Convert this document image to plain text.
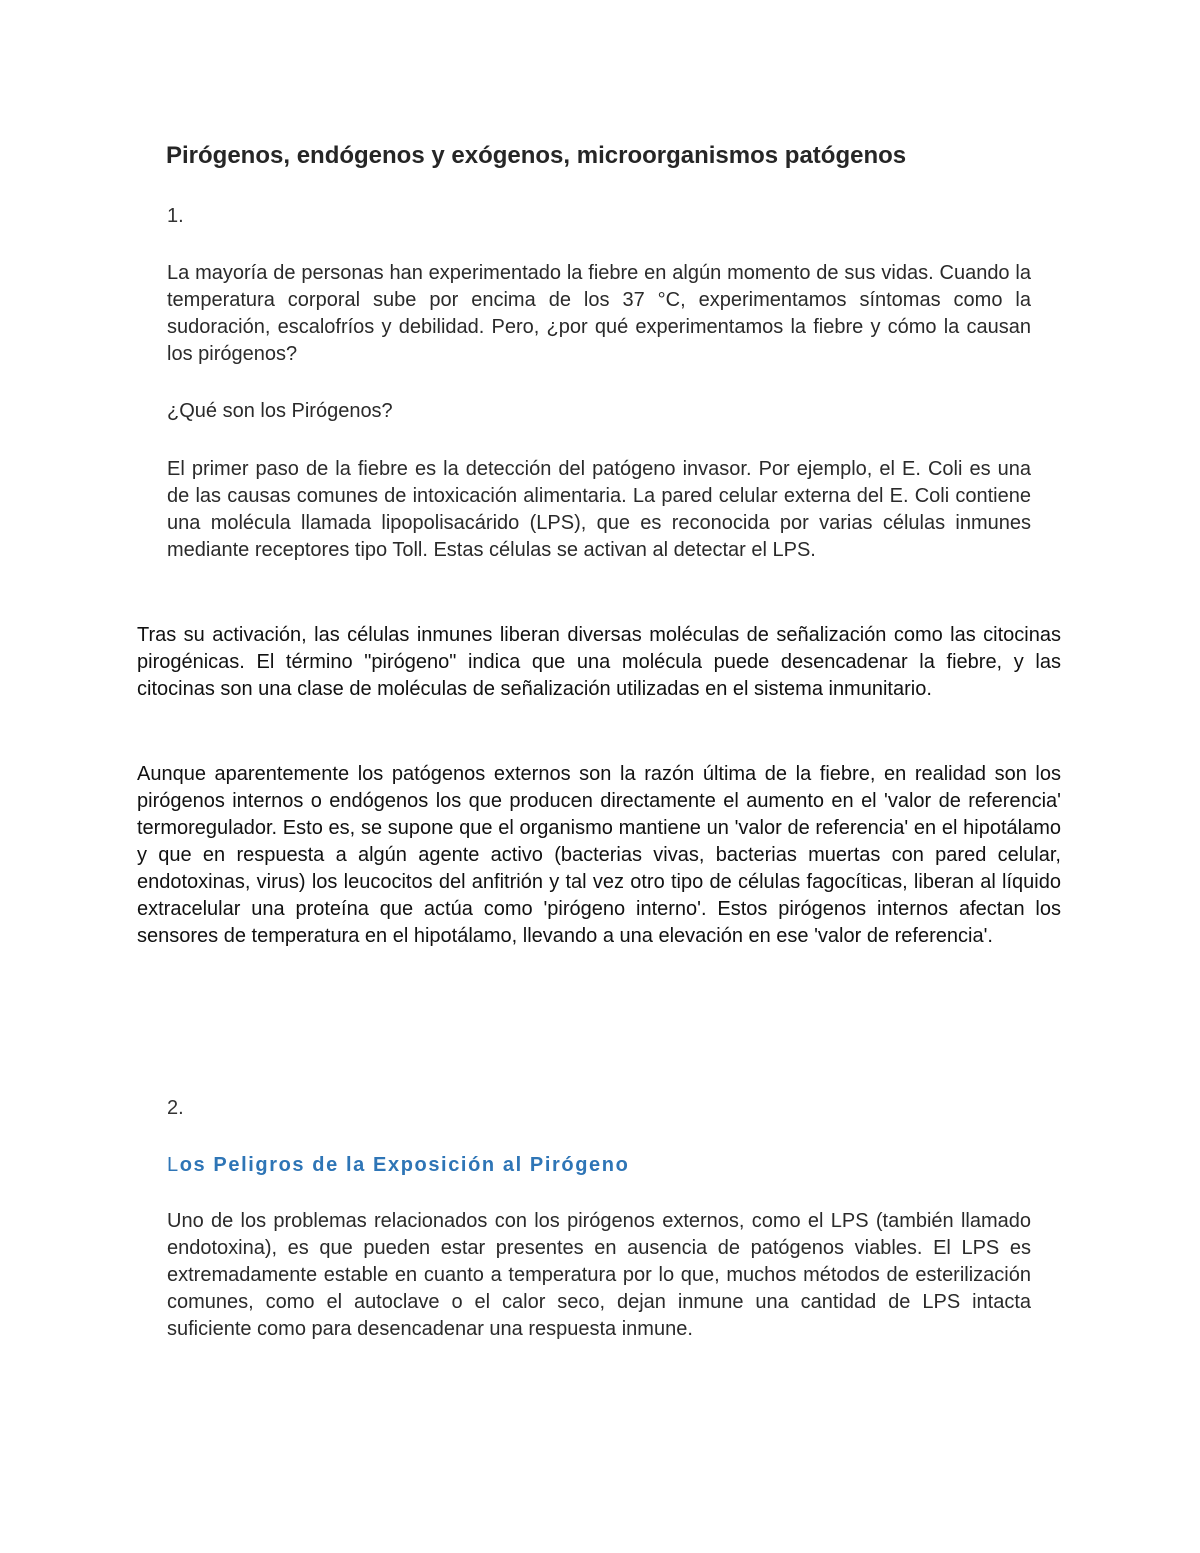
Pirógenos, endógenos y exógenos, microorganismos patógenos
1.

La mayoría de personas han experimentado la fiebre en algún momento de sus vidas. Cuando la temperatura corporal sube por encima de los 37 °C, experimentamos síntomas como la sudoración, escalofríos y debilidad. Pero, ¿por qué experimentamos la fiebre y cómo la causan los pirógenos?

¿Qué son los Pirógenos?

El primer paso de la fiebre es la detección del patógeno invasor. Por ejemplo, el E. Coli es una de las causas comunes de intoxicación alimentaria. La pared celular externa del E. Coli contiene una molécula llamada lipopolisacárido (LPS), que es reconocida por varias células inmunes mediante receptores tipo Toll. Estas células se activan al detectar el LPS.

Tras su activación, las células inmunes liberan diversas moléculas de señalización como las citocinas pirogénicas. El término "pirógeno" indica que una molécula puede desencadenar la fiebre, y las citocinas son una clase de moléculas de señalización utilizadas en el sistema inmunitario.

Aunque aparentemente los patógenos externos son la razón última de la fiebre, en realidad son los pirógenos internos o endógenos los que producen directamente el aumento en el 'valor de referencia' termoregulador. Esto es, se supone que el organismo mantiene un 'valor de referencia' en el hipotálamo y que en respuesta a algún agente activo (bacterias vivas, bacterias muertas con pared celular, endotoxinas, virus) los leucocitos del anfitrión y tal vez otro tipo de células fagocíticas, liberan al líquido extracelular una proteína que actúa como 'pirógeno interno'. Estos pirógenos internos afectan los sensores de temperatura en el hipotálamo, llevando a una elevación en ese 'valor de referencia'.

2.
Los Peligros de la Exposición al Pirógeno

Uno de los problemas relacionados con los pirógenos externos, como el LPS (también llamado endotoxina), es que pueden estar presentes en ausencia de patógenos viables. El LPS es extremadamente estable en cuanto a temperatura por lo que, muchos métodos de esterilización comunes, como el autoclave o el calor seco, dejan inmune una cantidad de LPS intacta suficiente como para desencadenar una respuesta inmune.
